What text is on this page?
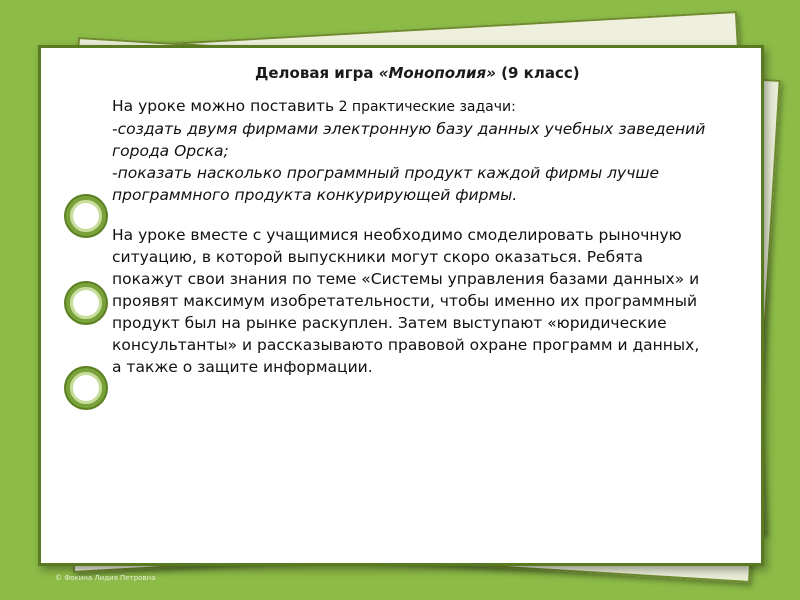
Деловая игра «Монополия» (9 класс)
На уроке можно поставить 2 практические задачи:
-создать двумя фирмами электронную базу данных учебных заведений города Орска;
-показать насколько программный продукт каждой фирмы лучше программного продукта конкурирующей фирмы.
На уроке вместе с учащимися необходимо смоделировать рыночную ситуацию, в которой выпускники могут скоро оказаться. Ребята покажут свои знания по теме «Системы управления базами данных» и проявят максимум изобретательности, чтобы именно их программный продукт был на рынке раскуплен. Затем выступают «юридические консультанты» и рассказываюто правовой охране программ и данных, а также о защите информации.
© Фокина Лидия Петровна
